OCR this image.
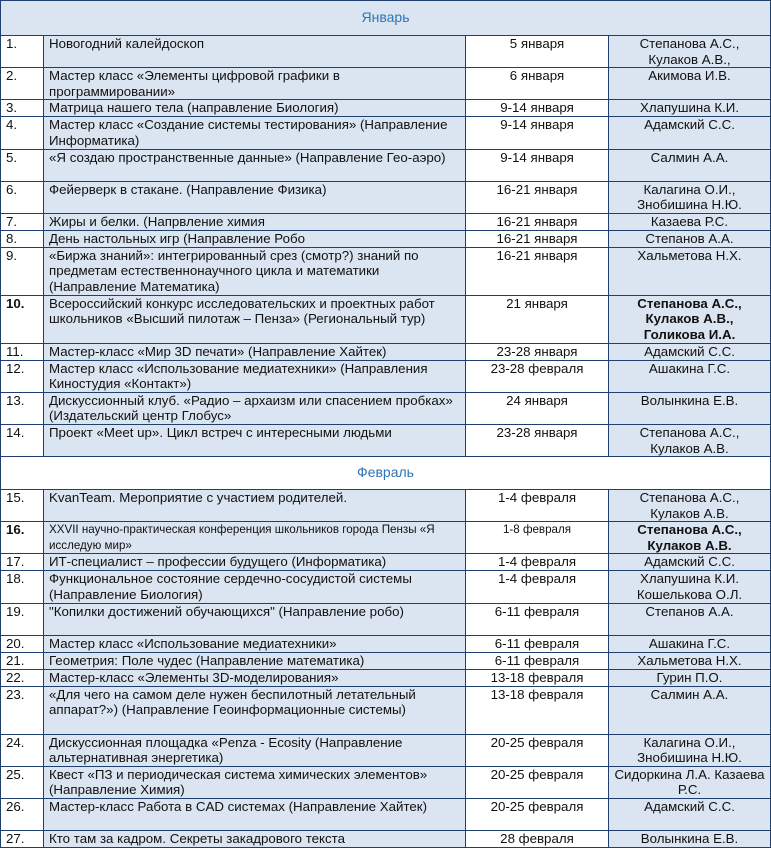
Январь			
1.	Новогодний калейдоскоп	5 января	Степанова А.С., Кулаков А.В.,
2.	Мастер класс «Элементы цифровой графики в программировании»	6 января	Акимова И.В.
3.	Матрица нашего тела (направление Биология)	9-14 января	Хлапушина К.И.
4.	Мастер класс «Создание системы тестирования» (Направление Информатика)	9-14 января	Адамский С.С.
5.	«Я создаю пространственные данные» (Направление Гео-аэро)	9-14 января	Салмин А.А.
6.	Фейерверк в стакане. (Направление Физика)	16-21 января	Калагина О.И., Знобишина Н.Ю.
7.	Жиры и белки. (Напрвление химия	16-21 января	Казаева Р.С.
8.	День настольных игр (Направление Робо	16-21 января	Степанов А.А.
9.	«Биржа знаний»: интегрированный срез (смотр?) знаний по предметам естественнонаучного цикла и математики (Направление Математика)	16-21 января	Хальметова Н.Х.
10.	Всероссийский конкурс исследовательских и проектных работ школьников «Высший пилотаж – Пенза» (Региональный тур)	21 января	Степанова А.С., Кулаков А.В., Голикова И.А.
11.	Мастер-класс «Мир 3D печати» (Направление Хайтек)	23-28 января	Адамский С.С.
12.	Мастер класс «Использование медиатехники» (Направления Киностудия «Контакт»)	23-28 февраля	Ашакина Г.С.
13.	Дискуссионный клуб. «Радио – архаизм или спасением пробках» (Издательский центр Глобус»	24 января	Волынкина Е.В.
14.	Проект «Meet up». Цикл встреч с интересными людьми	23-28 января	Степанова А.С., Кулаков А.В.
Февраль			
15.	KvanTeam. Мероприятие с участием родителей.	1-4 февраля	Степанова А.С., Кулаков А.В.
16.	XXVII научно-практическая конференция школьников города Пензы «Я исследую мир»	1-8 февраля	Степанова А.С., Кулаков А.В.
17.	ИТ-специалист – профессии будущего (Информатика)	1-4 февраля	Адамский С.С.
18.	Функциональное состояние сердечно-сосудистой системы (Направление Биология)	1-4 февраля	Хлапушина К.И. Кошелькова О.Л.
19.	"Копилки достижений обучающихся" (Направление робо)	6-11 февраля	Степанов А.А.
20.	Мастер класс «Использование медиатехники»	6-11 февраля	Ашакина Г.С.
21.	Геометрия: Поле чудес (Направление математика)	6-11 февраля	Хальметова Н.Х.
22.	Мастер-класс «Элементы 3D-моделирования»	13-18 февраля	Гурин П.О.
23.	«Для чего на самом деле нужен беспилотный летательный аппарат?») (Направление Геоинформационные системы)	13-18 февраля	Салмин А.А.
24.	Дискуссионная площадка «Penza - Ecosity (Направление альтернативная энергетика)	20-25 февраля	Калагина О.И., Знобишина Н.Ю.
25.	Квест «ПЗ и периодическая система химических элементов» (Направление Химия)	20-25 февраля	Сидоркина Л.А. Казаева Р.С.
26.	Мастер-класс Работа в CAD системах (Направление Хайтек)	20-25 февраля	Адамский С.С.
27.	Кто там за кадром. Секреты закадрового текста	28 февраля	Волынкина Е.В.
